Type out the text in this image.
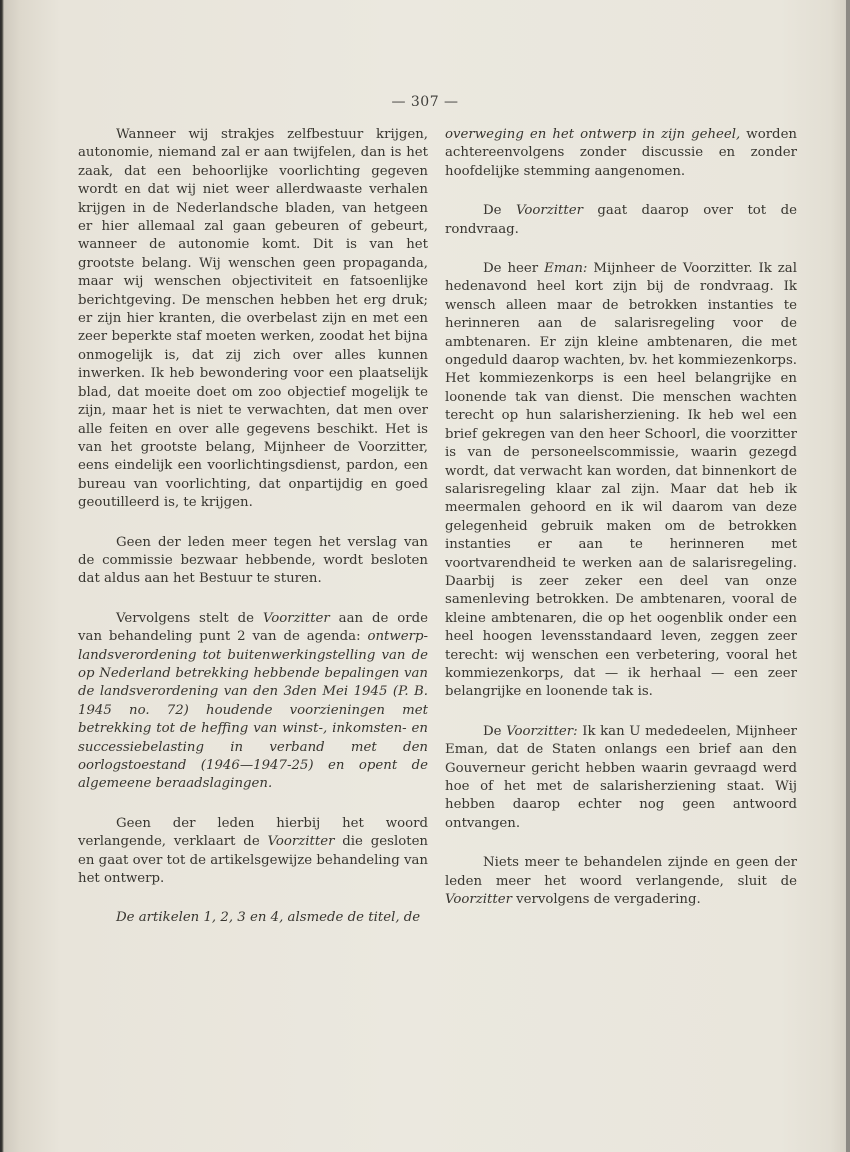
— 307 —

Wanneer wij strakjes zelfbestuur krijgen, autonomie, niemand zal er aan twijfelen, dan is het zaak, dat een behoorlijke voorlichting gegeven wordt en dat wij niet weer allerdwaaste verhalen krijgen in de Nederlandsche bladen, van hetgeen er hier allemaal zal gaan gebeuren of gebeurt, wanneer de autonomie komt. Dit is van het grootste belang. Wij wenschen geen propaganda, maar wij wenschen objectiviteit en fatsoenlijke berichtgeving. De menschen hebben het erg druk; er zijn hier kranten, die overbelast zijn en met een zeer beperkte staf moeten werken, zoodat het bijna onmogelijk is, dat zij zich over alles kunnen inwerken. Ik heb bewondering voor een plaatselijk blad, dat moeite doet om zoo objectief mogelijk te zijn, maar het is niet te verwachten, dat men over alle feiten en over alle gegevens beschikt. Het is van het grootste belang, Mijnheer de Voorzitter, eens eindelijk een voorlichtingsdienst, pardon, een bureau van voorlichting, dat onpartijdig en goed geoutilleerd is, te krijgen.

Geen der leden meer tegen het verslag van de commissie bezwaar hebbende, wordt besloten dat aldus aan het Bestuur te sturen.

Vervolgens stelt de Voorzitter aan de orde van behandeling punt 2 van de agenda: ontwerp-landsverordening tot buitenwerkingstelling van de op Nederland betrekking hebbende bepalingen van de landsverordening van den 3den Mei 1945 (P. B. 1945 no. 72) houdende voorzieningen met betrekking tot de heffing van winst-, inkomsten- en successiebelasting in verband met den oorlogstoestand (1946—1947-25) en opent de algemeene beraadslagingen.

Geen der leden hierbij het woord verlangende, verklaart de Voorzitter die gesloten en gaat over tot de artikelsgewijze behandeling van het ontwerp.

De artikelen 1, 2, 3 en 4, alsmede de titel, de

overweging en het ontwerp in zijn geheel, worden achtereenvolgens zonder discussie en zonder hoofdelijke stemming aangenomen.

De Voorzitter gaat daarop over tot de rondvraag.

De heer Eman: Mijnheer de Voorzitter. Ik zal hedenavond heel kort zijn bij de rondvraag. Ik wensch alleen maar de betrokken instanties te herinneren aan de salarisregeling voor de ambtenaren. Er zijn kleine ambtenaren, die met ongeduld daarop wachten, bv. het kommiezenkorps. Het kommiezenkorps is een heel belangrijke en loonende tak van dienst. Die menschen wachten terecht op hun salarisherziening. Ik heb wel een brief gekregen van den heer Schoorl, die voorzitter is van de personeelscommissie, waarin gezegd wordt, dat verwacht kan worden, dat binnenkort de salarisregeling klaar zal zijn. Maar dat heb ik meermalen gehoord en ik wil daarom van deze gelegenheid gebruik maken om de betrokken instanties er aan te herinneren met voortvarendheid te werken aan de salarisregeling. Daarbij is zeer zeker een deel van onze samenleving betrokken. De ambtenaren, vooral de kleine ambtenaren, die op het oogenblik onder een heel hoogen levensstandaard leven, zeggen zeer terecht: wij wenschen een verbetering, vooral het kommiezenkorps, dat — ik herhaal — een zeer belangrijke en loonende tak is.

De Voorzitter: Ik kan U mededeelen, Mijnheer Eman, dat de Staten onlangs een brief aan den Gouverneur gericht hebben waarin gevraagd werd hoe of het met de salarisherziening staat. Wij hebben daarop echter nog geen antwoord ontvangen.

Niets meer te behandelen zijnde en geen der leden meer het woord verlangende, sluit de Voorzitter vervolgens de vergadering.
